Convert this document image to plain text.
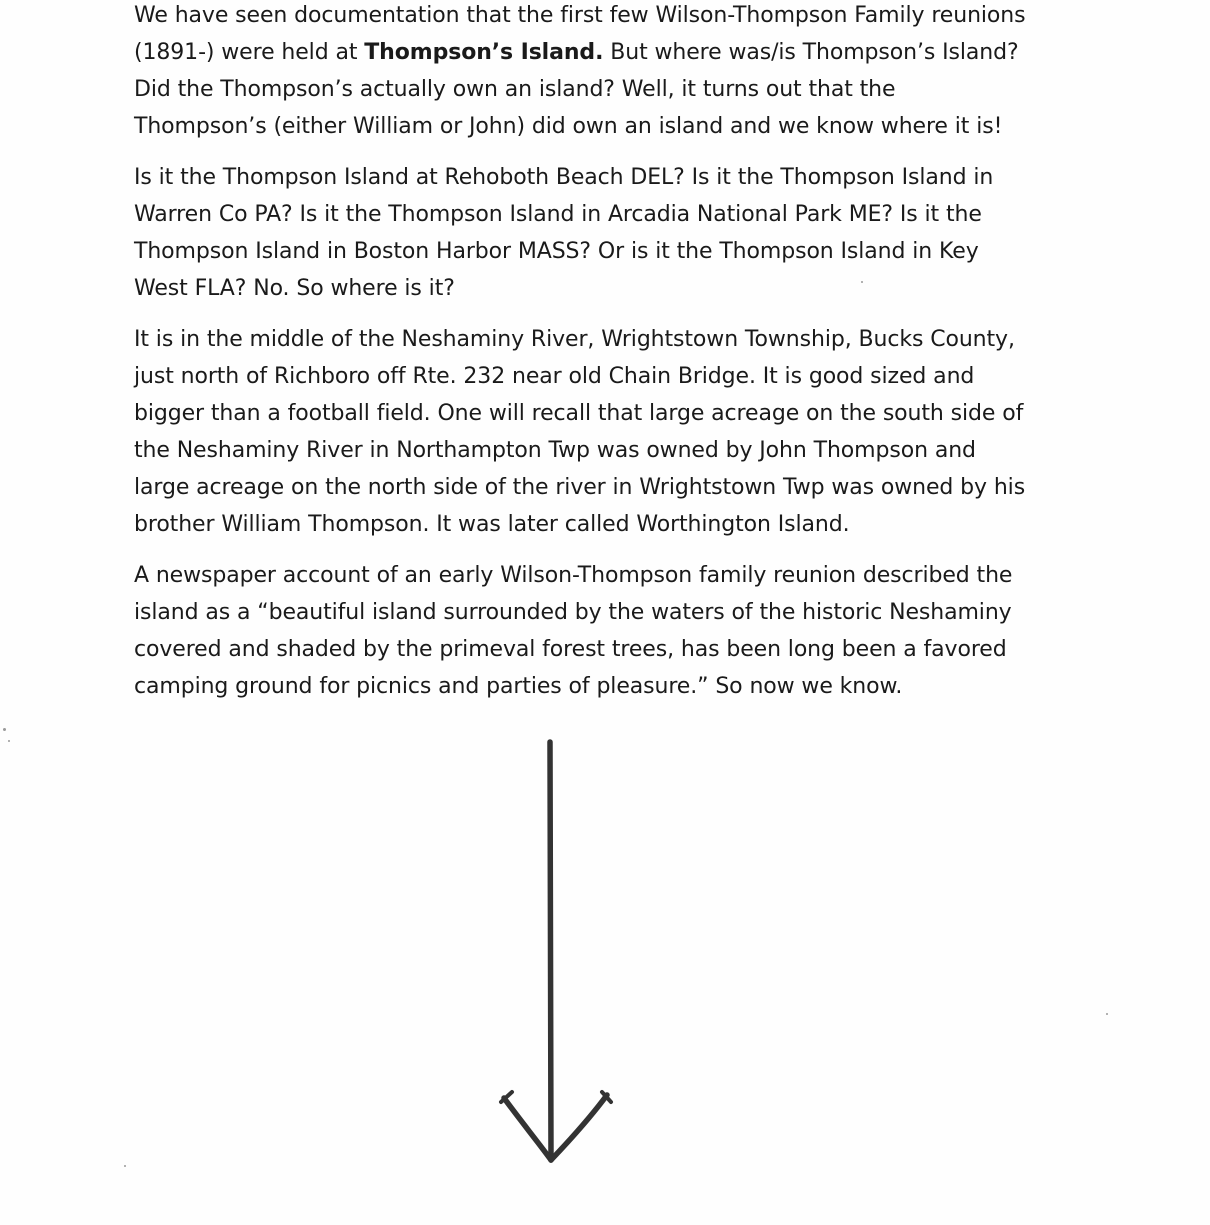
We have seen documentation that the first few Wilson-Thompson Family reunions
(1891-) were held at Thompson’s Island. But where was/is Thompson’s Island?
Did the Thompson’s actually own an island? Well, it turns out that the
Thompson’s (either William or John) did own an island and we know where it is!

Is it the Thompson Island at Rehoboth Beach DEL? Is it the Thompson Island in
Warren Co PA? Is it the Thompson Island in Arcadia National Park ME? Is it the
Thompson Island in Boston Harbor MASS? Or is it the Thompson Island in Key
West FLA? No. So where is it?

It is in the middle of the Neshaminy River, Wrightstown Township, Bucks County,
just north of Richboro off Rte. 232 near old Chain Bridge. It is good sized and
bigger than a football field. One will recall that large acreage on the south side of
the Neshaminy River in Northampton Twp was owned by John Thompson and
large acreage on the north side of the river in Wrightstown Twp was owned by his
brother William Thompson. It was later called Worthington Island.

A newspaper account of an early Wilson-Thompson family reunion described the
island as a “beautiful island surrounded by the waters of the historic Neshaminy
covered and shaded by the primeval forest trees, has been long been a favored
camping ground for picnics and parties of pleasure.” So now we know.
